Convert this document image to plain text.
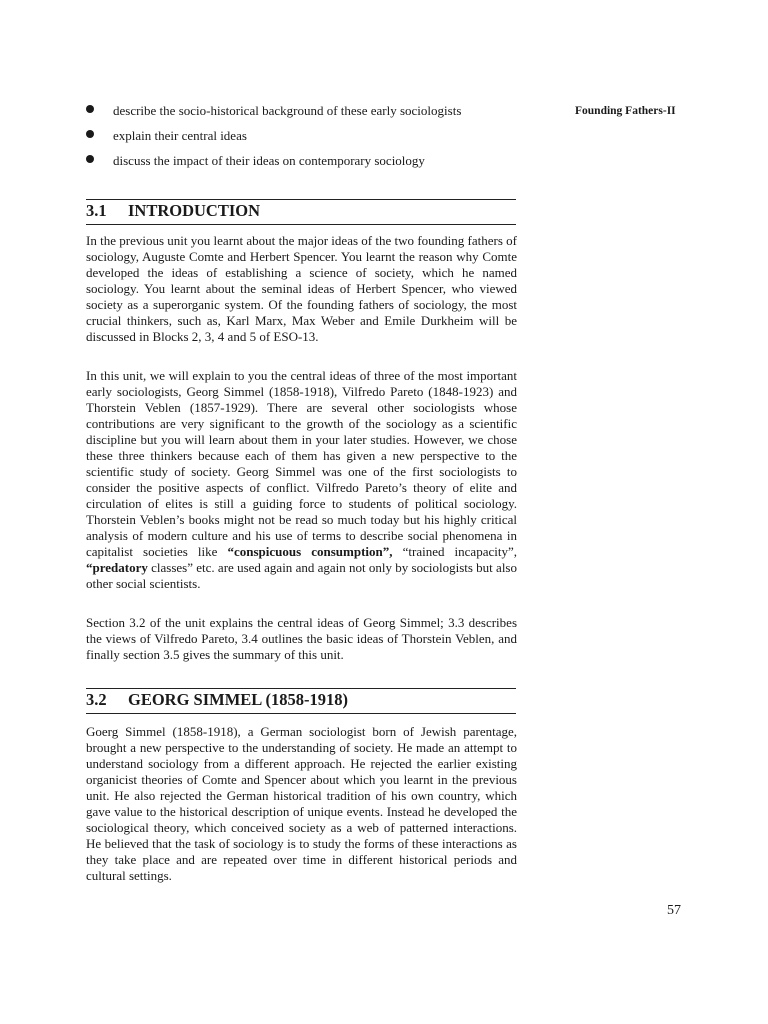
Founding Fathers-II
describe the socio-historical background of these early sociologists
explain their central ideas
discuss the impact of their ideas on contemporary sociology
3.1 INTRODUCTION

In the previous unit you learnt about the major ideas of the two founding fathers of sociology, Auguste Comte and Herbert Spencer. You learnt the reason why Comte developed the ideas of establishing a science of society, which he named sociology. You learnt about the seminal ideas of Herbert Spencer, who viewed society as a superorganic system. Of the founding fathers of sociology, the most crucial thinkers, such as, Karl Marx, Max Weber and Emile Durkheim will be discussed in Blocks 2, 3, 4 and 5 of ESO-13.

In this unit, we will explain to you the central ideas of three of the most important early sociologists, Georg Simmel (1858-1918), Vilfredo Pareto (1848-1923) and Thorstein Veblen (1857-1929). There are several other sociologists whose contributions are very significant to the growth of the sociology as a scientific discipline but you will learn about them in your later studies. However, we chose these three thinkers because each of them has given a new perspective to the scientific study of society. Georg Simmel was one of the first sociologists to consider the positive aspects of conflict. Vilfredo Pareto’s theory of elite and circulation of elites is still a guiding force to students of political sociology. Thorstein Veblen’s books might not be read so much today but his highly critical analysis of modern culture and his use of terms to describe social phenomena in capitalist societies like “conspicuous consumption”, “trained incapacity”, “predatory classes” etc. are used again and again not only by sociologists but also other social scientists.

Section 3.2 of the unit explains the central ideas of Georg Simmel; 3.3 describes the views of Vilfredo Pareto, 3.4 outlines the basic ideas of Thorstein Veblen, and finally section 3.5 gives the summary of this unit.

3.2 GEORG SIMMEL (1858-1918)

Goerg Simmel (1858-1918), a German sociologist born of Jewish parentage, brought a new perspective to the understanding of society. He made an attempt to understand sociology from a different approach. He rejected the earlier existing organicist theories of Comte and Spencer about which you learnt in the previous unit. He also rejected the German historical tradition of his own country, which gave value to the historical description of unique events. Instead he developed the sociological theory, which conceived society as a web of patterned interactions. He believed that the task of sociology is to study the forms of these interactions as they take place and are repeated over time in different historical periods and cultural settings.

57
